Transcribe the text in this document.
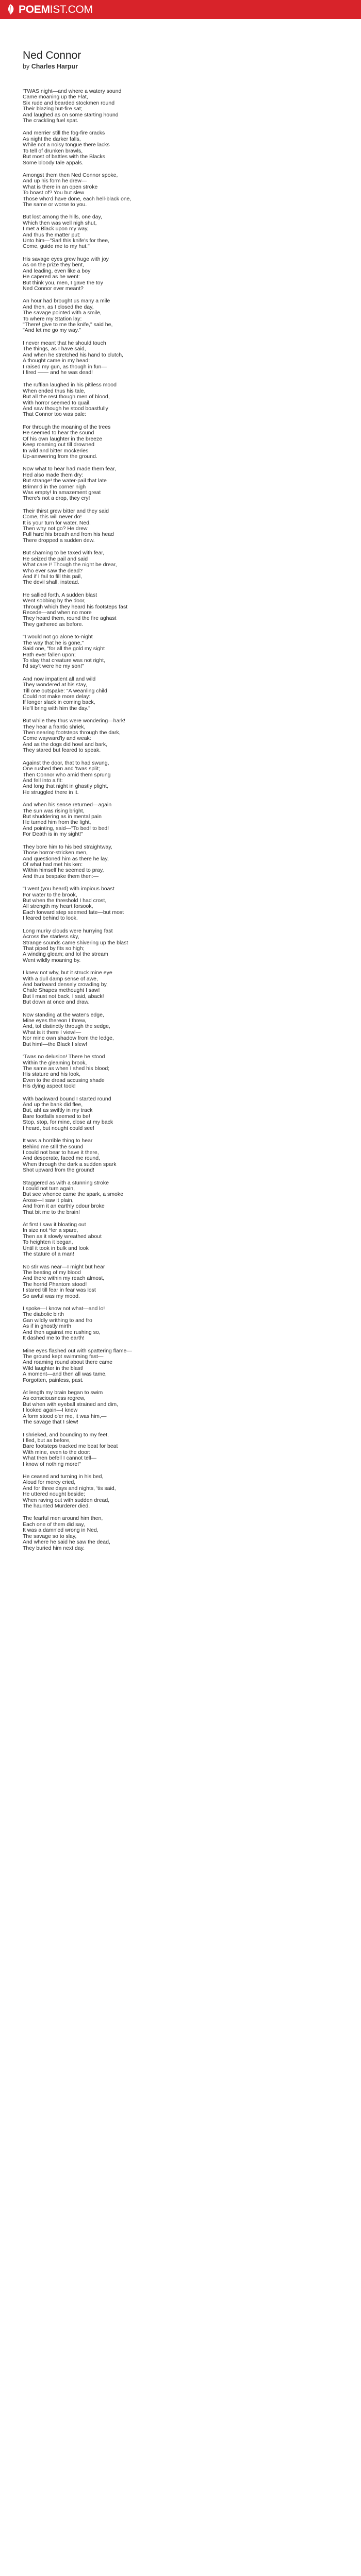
POEM IST.COM
Ned Connor
by Charles Harpur
'TWAS night—and where a watery sound
Came moaning up the Flat,
Six rude and bearded stockmen round
Their blazing hut-fire sat;
And laughed as on some starting hound
The crackling fuel spat.
And merrier still the fog-fire cracks
As night the darker falls,
While not a noisy tongue there lacks
To tell of drunken brawls,
But most of battles with the Blacks
Some bloody tale appals.
Amongst them then Ned Connor spoke,
And up his form he drew—
What is there in an open stroke
To boast of? You but slew
Those who'd have done, each hell-black one,
The same or worse to you.
But lost among the hills, one day,
Which then was well nigh shut,
I met a Black upon my way,
And thus the matter put:
Unto him—"Sarl this knife's for thee,
Come, guide me to my hut."
His savage eyes grew huge with joy
As on the prize they bent,
And leading, even like a boy
He capered as he went:
But think you, men, I gave the toy
Ned Connor ever meant?
An hour had brought us many a mile
And then, as I closed the day,
The savage pointed with a smile,
To where my Station lay:
"There! give to me the knife," said he,
"And let me go my way."
I never meant that he should touch
The things, as I have said,
And when he stretched his hand to clutch,
A thought came in my head:
I raised my gun, as though in fun—
I fired —— and he was dead!
The ruffian laughed in his pitiless mood
When ended thus his tale,
But all the rest though men of blood,
With horror seemed to quail,
And saw though he stood boastfully
That Connor too was pale:
For through the moaning of the trees
He seemed to hear the sound
Of his own laughter in the breeze
Keep roaming out till drowned
In wild and bitter mockeries
Up-answering from the ground.
Now what to hear had made them fear,
Hed also made them dry:
But strange! the water-pail that late
Brimm'd in the corner nigh
Was empty! In amazement great
There's not a drop, they cry!
Their thirst grew bitter and they said
Come, this will never do!
It is your turn for water, Ned,
Then why not go? He drew
Full hard his breath and from his head
There dropped a sudden dew.
But shaming to be taxed with fear,
He seized the pail and said
What care I! Though the night be drear,
Who ever saw the dead?
And if I fail to fill this pail,
The devil shall, instead.
He sallied forth. A sudden blast
Went sobbing by the door,
Through which they heard his footsteps fast
Recede—and when no more
They heard them, round the fire aghast
They gathered as before.
"I would not go alone to-night
The way that he is gone,"
Said one, "for all the gold my sight
Hath ever fallen upon;
To slay that creature was not right,
I'd say't were he my son!"
And now impatient all and wild
They wondered at his stay,
Till one outspake: "A weanling child
Could not make more delay:
If longer slack in coming back,
He'll bring with him the day."
But while they thus were wondering—hark!
They hear a frantic shriek,
Then nearing footsteps through the dark,
Come wayward'ly and weak:
And as the dogs did howl and bark,
They stared but feared to speak.
Against the door, that to had swung,
One rushed then and 'twas split;
Then Connor who amid them sprung
And fell into a fit:
And long that night in ghastly plight,
He struggled there in it.
And when his sense returned—again
The sun was rising bright,
But shuddering as in mental pain
He turned him from the light,
And pointing, said—"To bed! to bed!
For Death is in my sight!"
They bore him to his bed straightway,
Those horror-stricken men,
And questioned him as there he lay,
Of what had met his ken:
Within himself he seemed to pray,
And thus bespake them then:—
"I went (you heard) with impious boast
For water to the brook,
But when the threshold I had crost,
All strength my heart forsook,
Each forward step seemed fate—but most
I feared behind to look.
Long murky clouds were hurrying fast
Across the starless sky,
Strange sounds came shivering up the blast
That piped by fits so high;
A winding gleam; and lol the stream
Went wildly moaning by.
I knew not why, but it struck mine eye
With a dull damp sense of awe,
And barkward densely crowding by,
Chafe Shapes methought I saw!
But I must not back, I said, aback!
But down at once and draw.
Now standing at the water's edge,
Mine eyes thereon I threw,
And, to! distinctly through the sedge,
What is it there I view!—
Nor mine own shadow from the ledge,
But him!—the Black I slew!
'Twas no delusion! There he stood
Within the gleaming brook,
The same as when I shed his blood;
His stature and his look,
Even to the dread accusing shade
His dying aspect took!
With backward bound I started round
And up the bank did flee,
But, ah! as swiftly in my track
Bare footfalls seemed to be!
Stop, stop, for mine, close at my back
I heard, but nought could see!
It was a horrible thing to hear
Behind me still the sound
I could not bear to have it there,
And desperate, faced me round,
When through the dark a sudden spark
Shot upward from the ground!
Staggered as with a stunning stroke
I could not turn again,
But see whence came the spark, a smoke
Arose—I saw it plain,
And from it an earthly odour broke
That bit me to the brain!
At first I saw it bloating out
In size not *ler a spare,
Then as it slowly wreathed about
To heighten it began,
Until it took in bulk and look
The stature of a man!
No stir was near—I might but hear
The beating of my blood
And there within my reach almost,
The horrid Phantom stood!
I stared till fear in fear was lost
So awful was my mood.
I spoke—I know not what—and lo!
The diabolic birth
Gan wildly writhing to and fro
As if in ghostly mirth
And then against me rushing so,
It dashed me to the earth!
Mine eyes flashed out with spattering flame—
The ground kept swimming fast—
And roaming round about there came
Wild laughter in the blast!
A moment—and then all was tame,
Forgotten, painless, past.
At length my brain began to swim
As consciousness regrew,
But when with eyeball strained and dim,
I looked again—I knew
A form stood o'er me, it was him,—
The savage that I slew!
I shrieked, and bounding to my feet,
I fled, but as before,
Bare footsteps tracked me beat for beat
With mine, even to the door:
What then befell I cannot tell—
I know of nothing more!"
He ceased and turning in his bed,
Aloud for mercy cried,
And for three days and nights, 'tis said,
He uttered nought beside;
When raving out with sudden dread,
The haunted Murderer died.
The fearful men around him then,
Each one of them did say,
It was a damn'ed wrong in Ned,
The savage so to slay,
And where he said he saw the dead,
They buried him next day.
